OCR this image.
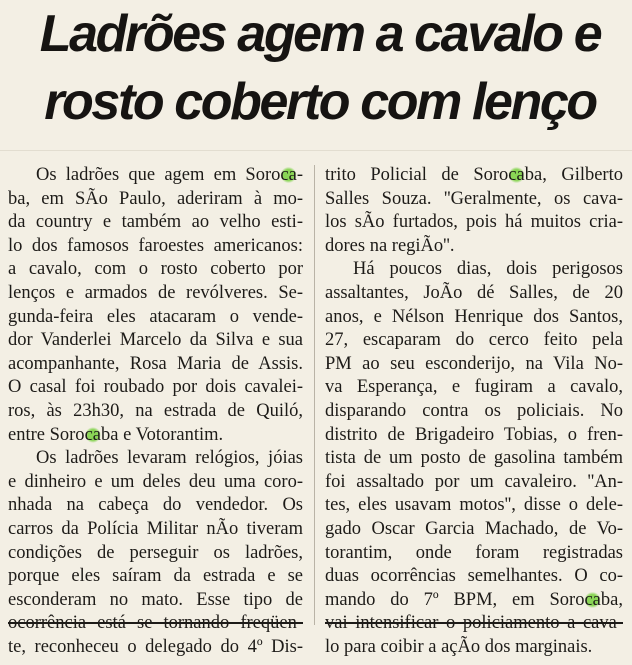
Ladrões agem a cavalo e
rosto coberto com lenço
Os ladrões que agem em Soroca-
ba, em SÃo Paulo, aderiram à mo-
da country e também ao velho esti-
lo dos famosos faroestes americanos:
a cavalo, com o rosto coberto por
lenços e armados de revólveres. Se-
gunda-feira eles atacaram o vende-
dor Vanderlei Marcelo da Silva e sua
acompanhante, Rosa Maria de Assis.
O casal foi roubado por dois cavalei-
ros, às 23h30, na estrada de Quiló,
entre Sorocaba e Votorantim.
Os ladrões levaram relógios, jóias
e dinheiro e um deles deu uma coro-
nhada na cabeça do vendedor. Os
carros da Polícia Militar nÃo tiveram
condições de perseguir os ladrões,
porque eles saíram da estrada e se
esconderam no mato. Esse tipo de
ocorrência está se tornando freqüen-
te, reconheceu o delegado do 4º Dis-
trito Policial de Sorocaba, Gilberto
Salles Souza. ''Geralmente, os cava-
los sÃo furtados, pois há muitos cria-
dores na regiÃo''.
Há poucos dias, dois perigosos
assaltantes, JoÃo dé Salles, de 20
anos, e Nélson Henrique dos Santos,
27, escaparam do cerco feito pela
PM ao seu esconderijo, na Vila No-
va Esperança, e fugiram a cavalo,
disparando contra os policiais. No
distrito de Brigadeiro Tobias, o fren-
tista de um posto de gasolina também
foi assaltado por um cavaleiro. ''An-
tes, eles usavam motos'', disse o dele-
gado Oscar Garcia Machado, de Vo-
torantim, onde foram registradas
duas ocorrências semelhantes. O co-
mando do 7º BPM, em Sorocaba,
vai intensificar o policiamento a cava-
lo para coibir a açÃo dos marginais.
